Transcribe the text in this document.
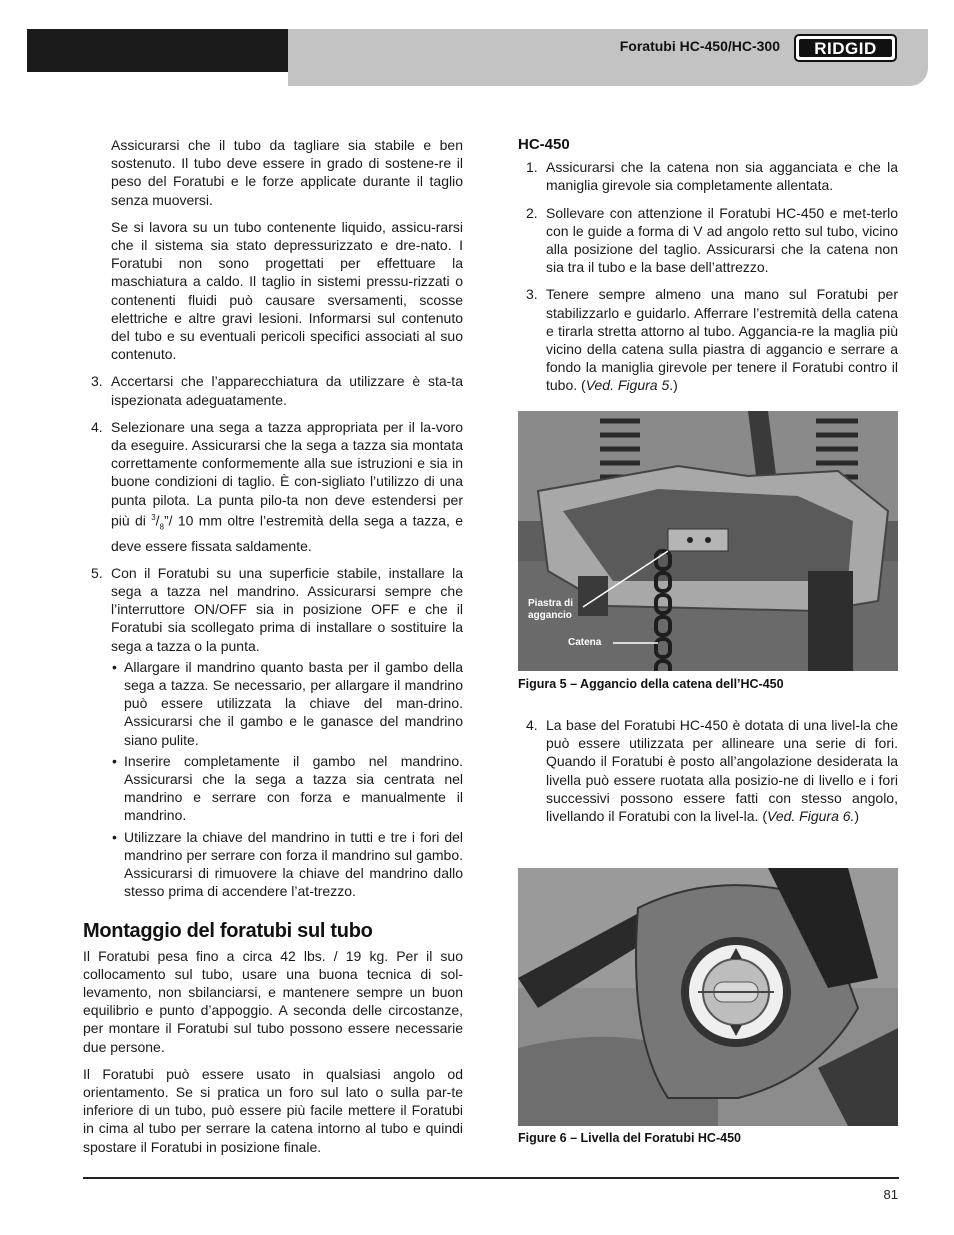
Foratubi HC-450/HC-300 RIDGID

Assicurarsi che il tubo da tagliare sia stabile e ben sostenuto. Il tubo deve essere in grado di sostene-re il peso del Foratubi e le forze applicate durante il taglio senza muoversi.

Se si lavora su un tubo contenente liquido, assicu-rarsi che il sistema sia stato depressurizzato e dre-nato. I Foratubi non sono progettati per effettuare la maschiatura a caldo. Il taglio in sistemi pressu-rizzati o contenenti fluidi può causare sversamenti, scosse elettriche e altre gravi lesioni. Informarsi sul contenuto del tubo e su eventuali pericoli specifici associati al suo contenuto.

3. Accertarsi che l’apparecchiatura da utilizzare è sta-ta ispezionata adeguatamente.
4. Selezionare una sega a tazza appropriata per il la-voro da eseguire. Assicurarsi che la sega a tazza sia montata correttamente conformemente alla sue istruzioni e sia in buone condizioni di taglio. È con-sigliato l’utilizzo di una punta pilota. La punta pilo-ta non deve estendersi per più di $^3/_8”/$ 10 mm oltre l’estremità della sega a tazza, e deve essere fissata saldamente.
5. Con il Foratubi su una superficie stabile, installare la sega a tazza nel mandrino. Assicurarsi sempre che l’interruttore ON/OFF sia in posizione OFF e che il Foratubi sia scollegato prima di installare o sostituire la sega a tazza o la punta.
• Allargare il mandrino quanto basta per il gambo della sega a tazza. Se necessario, per allargare il mandrino può essere utilizzata la chiave del man-drino. Assicurarsi che il gambo e le ganasce del mandrino siano pulite.
• Inserire completamente il gambo nel mandrino. Assicurarsi che la sega a tazza sia centrata nel mandrino e serrare con forza e manualmente il mandrino.
• Utilizzare la chiave del mandrino in tutti e tre i fori del mandrino per serrare con forza il mandrino sul gambo. Assicurarsi di rimuovere la chiave del mandrino dallo stesso prima di accendere l’at-trezzo.
Montaggio del foratubi sul tubo

Il Foratubi pesa fino a circa 42 lbs. / 19 kg. Per il suo collocamento sul tubo, usare una buona tecnica di sol-levamento, non sbilanciarsi, e mantenere sempre un buon equilibrio e punto d’appoggio. A seconda delle circostanze, per montare il Foratubi sul tubo possono essere necessarie due persone.

Il Foratubi può essere usato in qualsiasi angolo od orientamento. Se si pratica un foro sul lato o sulla par-te inferiore di un tubo, può essere più facile mettere il Foratubi in cima al tubo per serrare la catena intorno al tubo e quindi spostare il Foratubi in posizione finale.

HC-450
1. Assicurarsi che la catena non sia agganciata e che la maniglia girevole sia completamente allentata.
2. Sollevare con attenzione il Foratubi HC-450 e met-terlo con le guide a forma di V ad angolo retto sul tubo, vicino alla posizione del taglio. Assicurarsi che la catena non sia tra il tubo e la base dell’attrezzo.
3. Tenere sempre almeno una mano sul Foratubi per stabilizzarlo e guidarlo. Afferrare l’estremità della catena e tirarla stretta attorno al tubo. Aggancia-re la maglia più vicino della catena sulla piastra di aggancio e serrare a fondo la maniglia girevole per tenere il Foratubi contro il tubo. (Ved. Figura 5.)
Piastra di aggancio
Catena
Figura 5 – Aggancio della catena dell’HC-450
4. La base del Foratubi HC-450 è dotata di una livel-la che può essere utilizzata per allineare una serie di fori. Quando il Foratubi è posto all’angolazione desiderata la livella può essere ruotata alla posizio-ne di livello e i fori successivi possono essere fatti con stesso angolo, livellando il Foratubi con la livel-la. (Ved. Figura 6.)
Figure 6 – Livella del Foratubi HC-450
81
